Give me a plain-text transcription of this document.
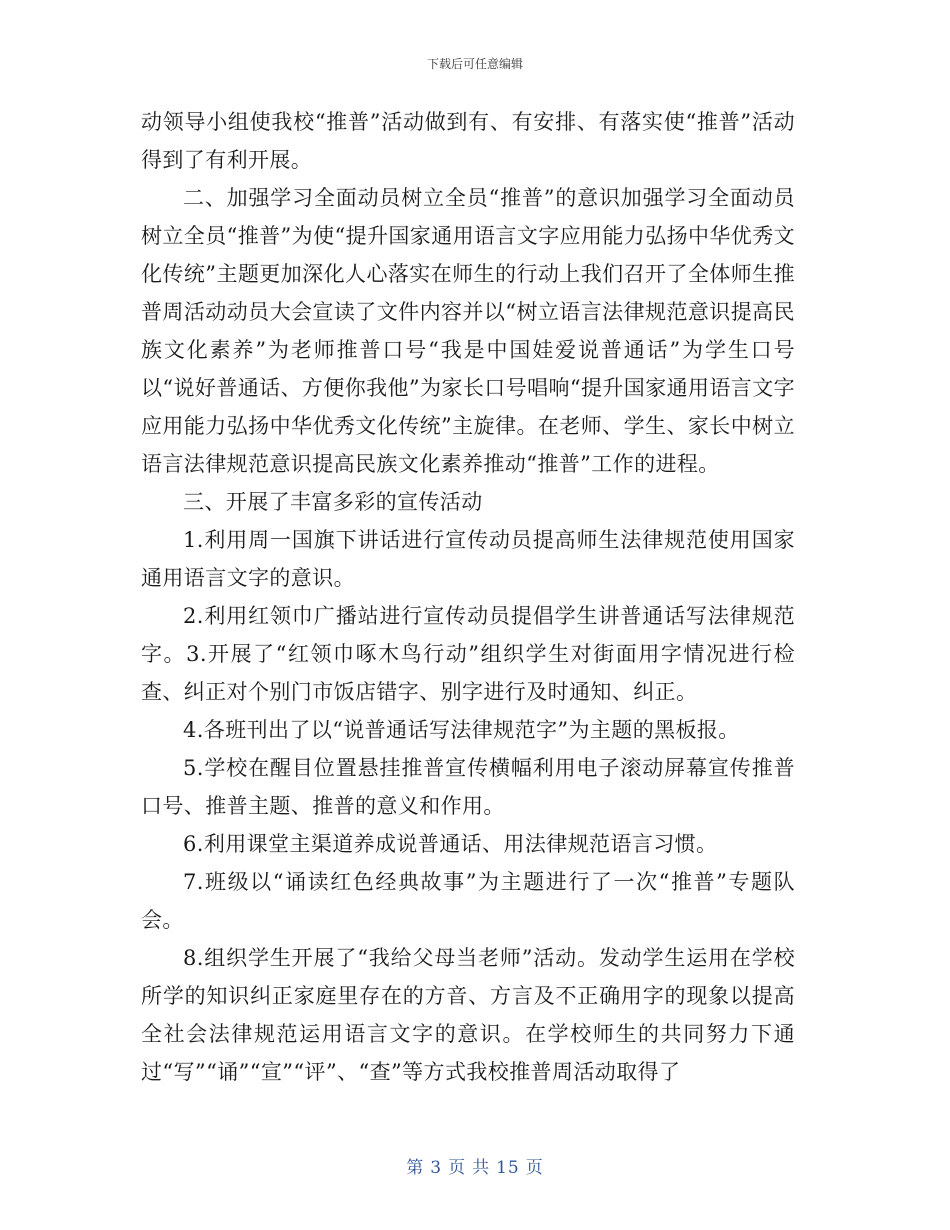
下载后可任意编辑

动领导小组使我校“推普”活动做到有、有安排、有落实使“推普”活动得到了有利开展。

二、加强学习全面动员树立全员“推普”的意识加强学习全面动员树立全员“推普”为使“提升国家通用语言文字应用能力弘扬中华优秀文化传统”主题更加深化人心落实在师生的行动上我们召开了全体师生推普周活动动员大会宣读了文件内容并以“树立语言法律规范意识提高民族文化素养”为老师推普口号“我是中国娃爱说普通话”为学生口号以“说好普通话、方便你我他”为家长口号唱响“提升国家通用语言文字应用能力弘扬中华优秀文化传统”主旋律。在老师、学生、家长中树立语言法律规范意识提高民族文化素养推动“推普”工作的进程。

三、开展了丰富多彩的宣传活动

1.利用周一国旗下讲话进行宣传动员提高师生法律规范使用国家通用语言文字的意识。

2.利用红领巾广播站进行宣传动员提倡学生讲普通话写法律规范字。3.开展了“红领巾啄木鸟行动”组织学生对街面用字情况进行检查、纠正对个别门市饭店错字、别字进行及时通知、纠正。

4.各班刊出了以“说普通话写法律规范字”为主题的黑板报。

5.学校在醒目位置悬挂推普宣传横幅利用电子滚动屏幕宣传推普口号、推普主题、推普的意义和作用。

6.利用课堂主渠道养成说普通话、用法律规范语言习惯。

7.班级以“诵读红色经典故事”为主题进行了一次“推普”专题队会。

8.组织学生开展了“我给父母当老师”活动。发动学生运用在学校所学的知识纠正家庭里存在的方音、方言及不正确用字的现象以提高全社会法律规范运用语言文字的意识。在学校师生的共同努力下通过“写”“诵”“宣”“评”、“查”等方式我校推普周活动取得了

第 3 页 共 15 页
